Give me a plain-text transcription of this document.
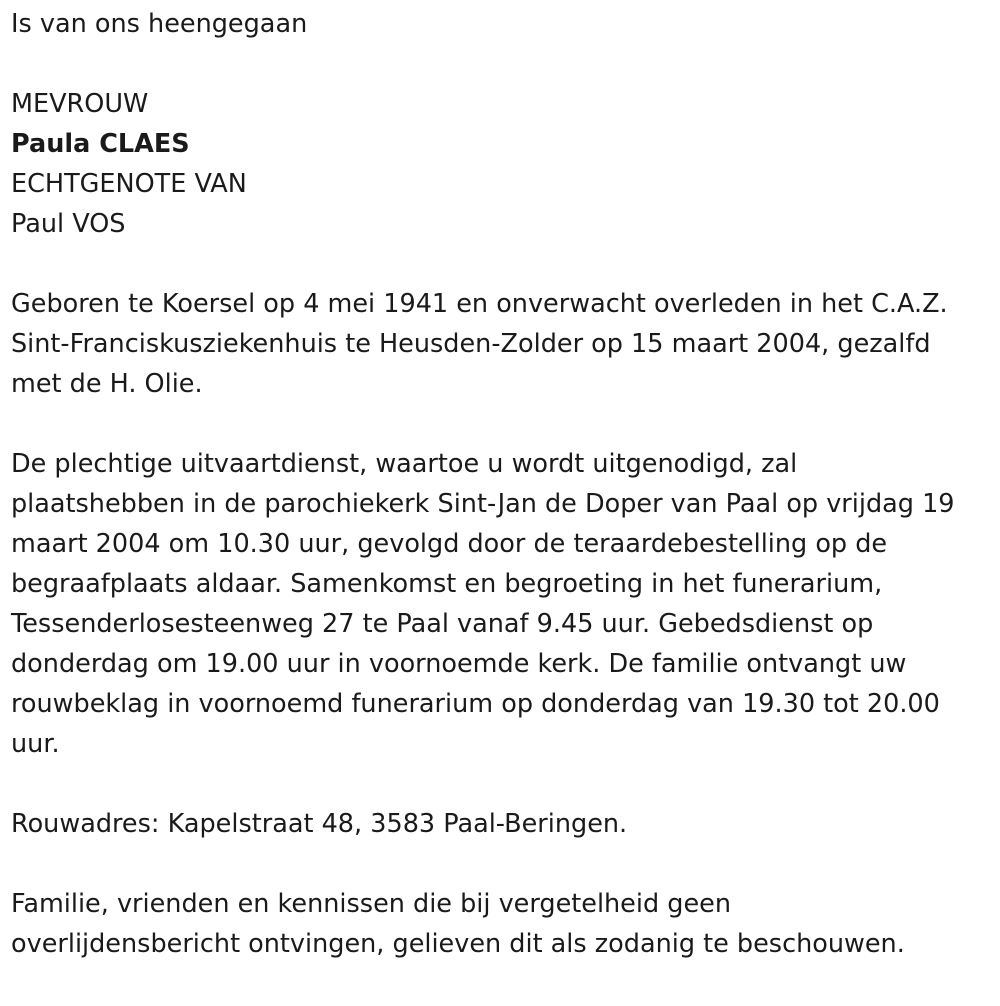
Is van ons heengegaan
MEVROUW
Paula CLAES
ECHTGENOTE VAN
Paul VOS
Geboren te Koersel op 4 mei 1941 en onverwacht overleden in het C.A.Z.
Sint-Franciskusziekenhuis te Heusden-Zolder op 15 maart 2004, gezalfd
met de H. Olie.
De plechtige uitvaartdienst, waartoe u wordt uitgenodigd, zal
plaatshebben in de parochiekerk Sint-Jan de Doper van Paal op vrijdag 19
maart 2004 om 10.30 uur, gevolgd door de teraardebestelling op de
begraafplaats aldaar. Samenkomst en begroeting in het funerarium,
Tessenderlosesteenweg 27 te Paal vanaf 9.45 uur. Gebedsdienst op
donderdag om 19.00 uur in voornoemde kerk. De familie ontvangt uw
rouwbeklag in voornoemd funerarium op donderdag van 19.30 tot 20.00
uur.
Rouwadres: Kapelstraat 48, 3583 Paal-Beringen.
Familie, vrienden en kennissen die bij vergetelheid geen
overlijdensbericht ontvingen, gelieven dit als zodanig te beschouwen.
